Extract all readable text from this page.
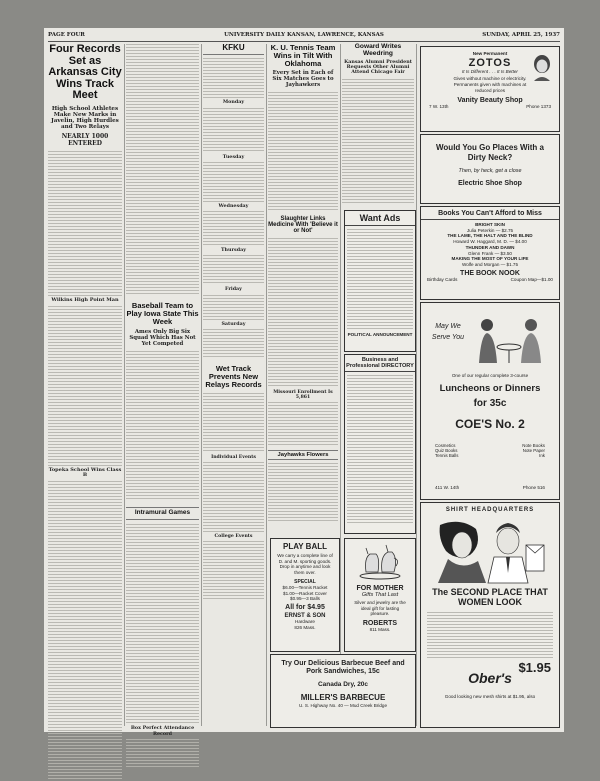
PAGE FOUR	UNIVERSITY DAILY KANSAN, LAWRENCE, KANSAS	SUNDAY, APRIL 25, 1937
Four Records Set as Arkansas City Wins Track Meet
High School Athletes Make New Marks in Javelin, High Hurdles and Two Relays
NEARLY 1000 ENTERED
Wilkins High Point Man
Topeka School Wins Class B
Baseball Team to Play Iowa State This Week
Ames Only Big Six Squad Which Has Not Yet Competed
Intramural Games
Box Perfect Attendance Record
KFKU
Monday
Tuesday
Wednesday
Thursday
Friday
Saturday
Wet Track Prevents New Relays Records
Individual Events
College Events
K. U. Tennis Team Wins in Tilt With Oklahoma
Every Set in Each of Six Matches Goes to Jayhawkers
Slaughter Links Medicine With 'Believe it or Not'
Missouri Enrollment Is 5,861
Jayhawks Flowers
PLAY BALL
We carry a complete line of
D. and M. sporting goods.
Drop in anytime and look
them over.
SPECIAL
$6.00—Tennis Racket
$1.00—Racket Cover
$0.95—3 Balls
All for $4.95
ERNST & SON
Hardware
826 Mass.
Goward Writes Weedring
Kansas Alumni President Requests Other Alumni Attend Chicago Fair
Want Ads
POLITICAL ANNOUNCEMENT
Business and Professional DIRECTORY
FOR MOTHER
Gifts That Last
Silver and jewelry are the
ideal gift for lasting
pleasure.
ROBERTS
811 Mass.
Try Our Delicious Barbecue Beef and Pork Sandwiches, 15c
Canada Dry, 20c
MILLER'S BARBECUE
U. S. Highway No. 40 — Mud Creek Bridge
New Permanent
ZOTOS
It Is Different . . . It Is Better
Gives without machine or electricity.
Permanents given with machines at
reduced prices
Vanity Beauty Shop
7 W. 13th	Phone 1373
Would You Go Places With a Dirty Neck?
Then, by heck, get a close
Electric Shoe Shop
Books You Can't Afford to Miss
BRIGHT SKIN
Julia Peterkin — $2.75
THE LAME, THE HALT AND THE BLIND
Howard W. Haggard, M. D. — $4.00
THUNDER AND DAWN
Glenn Frank — $3.50
MAKING THE MOST OF YOUR LIFE
Wolfe and Morgan — $1.75
THE BOOK NOOK
Birthday Cards	Coupon Map—$1.00
May We Serve You
One of our regular complete 3-course
Luncheons or Dinners
for 35c
COE'S No. 2
Cosmetics	Note Books
Quiz Books	Note Paper
Tennis Balls	Ink
411 W. 14th	Phone 516
SHIRT HEADQUARTERS
The SECOND PLACE THAT WOMEN LOOK
$1.95
Ober's
Good looking new mesh shirts at $1.95, also
